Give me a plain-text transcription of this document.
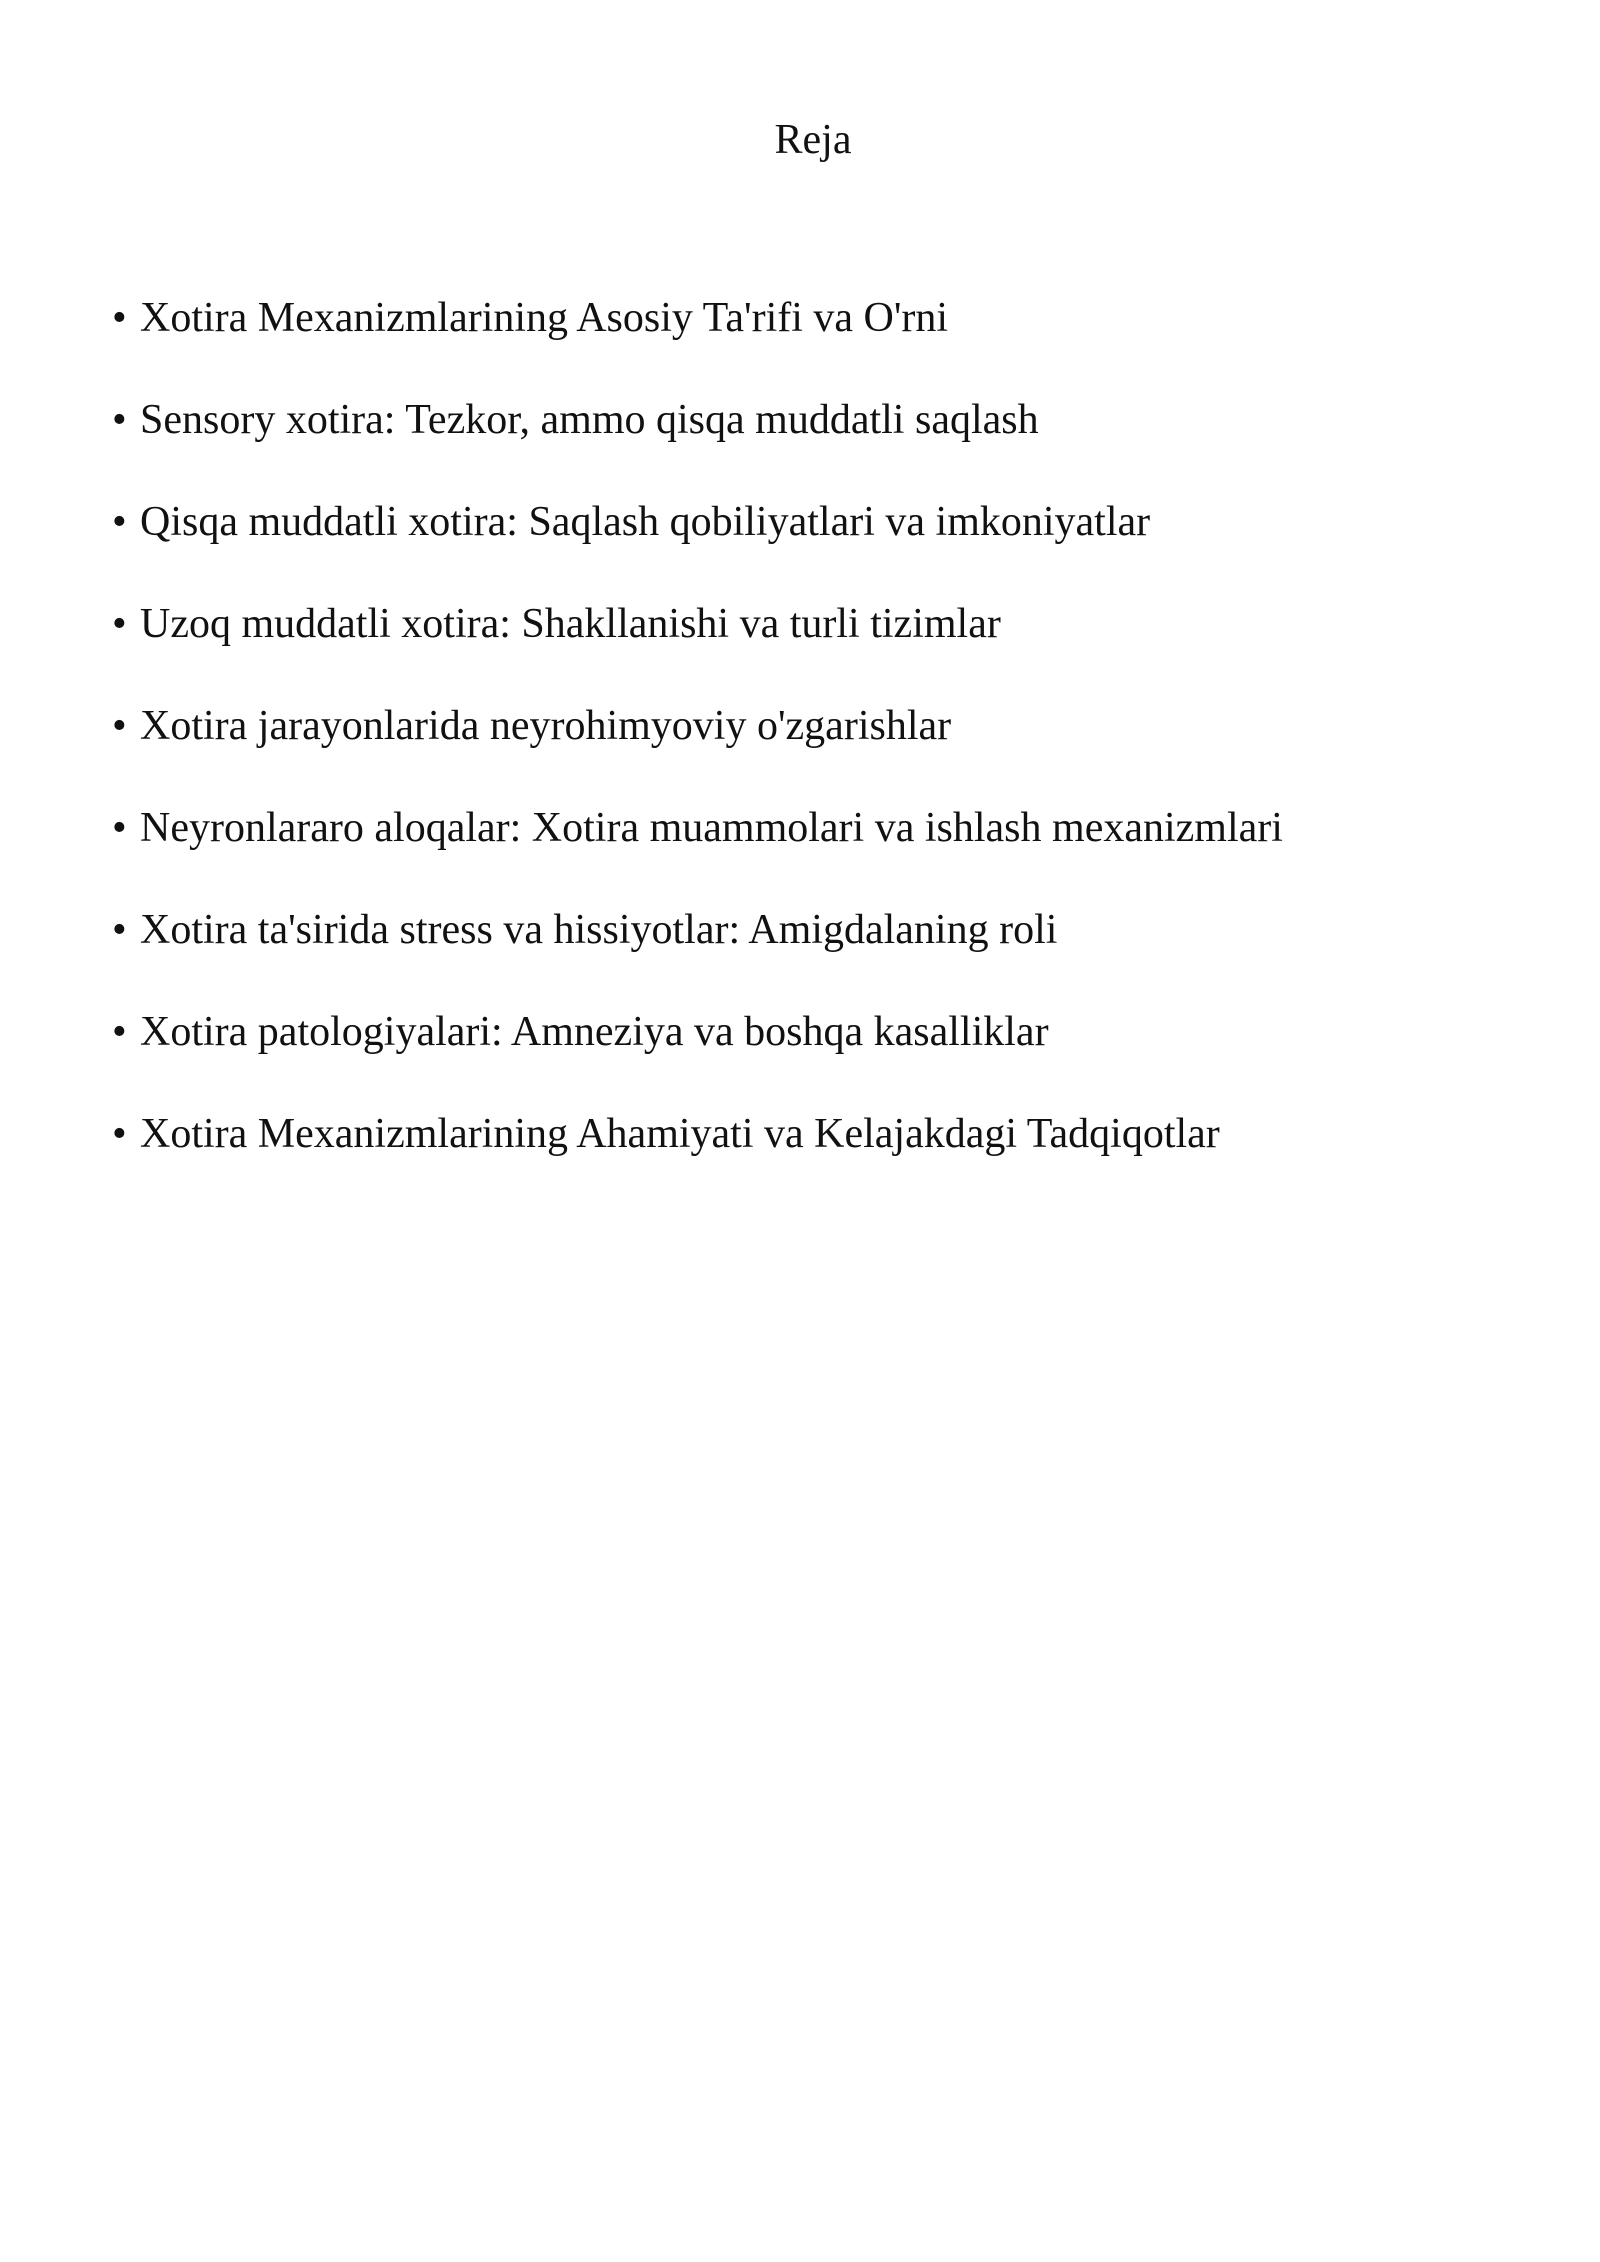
Reja
• Xotira Mexanizmlarining Asosiy Ta'rifi va O'rni
• Sensory xotira: Tezkor, ammo qisqa muddatli saqlash
• Qisqa muddatli xotira: Saqlash qobiliyatlari va imkoniyatlar
• Uzoq muddatli xotira: Shakllanishi va turli tizimlar
• Xotira jarayonlarida neyrohimyoviy o'zgarishlar
• Neyronlararo aloqalar: Xotira muammolari va ishlash mexanizmlari
• Xotira ta'sirida stress va hissiyotlar: Amigdalaning roli
• Xotira patologiyalari: Amneziya va boshqa kasalliklar
• Xotira Mexanizmlarining Ahamiyati va Kelajakdagi Tadqiqotlar
